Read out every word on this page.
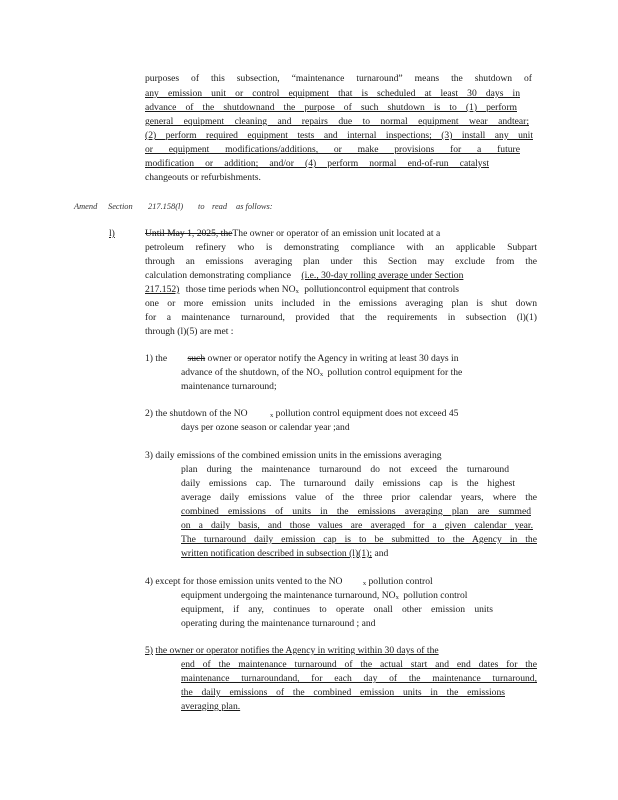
purposes of this subsection, “maintenance turnaround” means the shutdown of
any emission unit or control equipment that is scheduled at least 30 days in
advance of the shutdownand the purpose of such shutdown is to (1) perform
general equipment cleaning and repairs due to normal equipment wear andtear;
(2) perform required equipment tests and internal inspections; (3) install any unit
or equipment modifications/additions, or make provisions for a future
modification or addition; and/or (4) perform normal end-of-run catalyst
changeouts or refurbishments.
Amend Section 217.158(l) to read as follows:
l)	Until May 1, 2025, theThe owner or operator of an emission unit located at a
petroleum refinery who is demonstrating compliance with an applicable Subpart
through an emissions averaging plan under this Section may exclude from the
calculation demonstrating compliance (i.e., 30-day rolling average under Section
217.152) those time periods when $NO_x$ pollutioncontrol equipment that controls
one or more emission units included in the emissions averaging plan is shut down
for a maintenance turnaround, provided that the requirements in subsection (l)(1)
through (l)(5) are met :
1) the such owner or operator notify the Agency in writing at least 30 days in
advance of the shutdown, of the $NO_x$ pollution control equipment for the
maintenance turnaround;
2) the shutdown of the NO	$_x$ pollution control equipment does not exceed 45
days per ozone season or calendar year ;and
3) daily emissions of the combined emission units in the emissions averaging
plan during the maintenance turnaround do not exceed the turnaround
daily emissions cap. The turnaround daily emissions cap is the highest
average daily emissions value of the three prior calendar years, where the
combined emissions of units in the emissions averaging plan are summed
on a daily basis, and those values are averaged for a given calendar year.
The turnaround daily emission cap is to be submitted to the Agency in the
written notification described in subsection (l)(1); and
4) except for those emission units vented to the NO	$_x$ pollution control
equipment undergoing the maintenance turnaround, $NO_x$ pollution control
equipment, if any, continues to operate onall other emission units
operating during the maintenance turnaround ; and
5) the owner or operator notifies the Agency in writing within 30 days of the
end of the maintenance turnaround of the actual start and end dates for the
maintenance turnaroundand, for each day of the maintenance turnaround,
the daily emissions of the combined emission units in the emissions
averaging plan.
